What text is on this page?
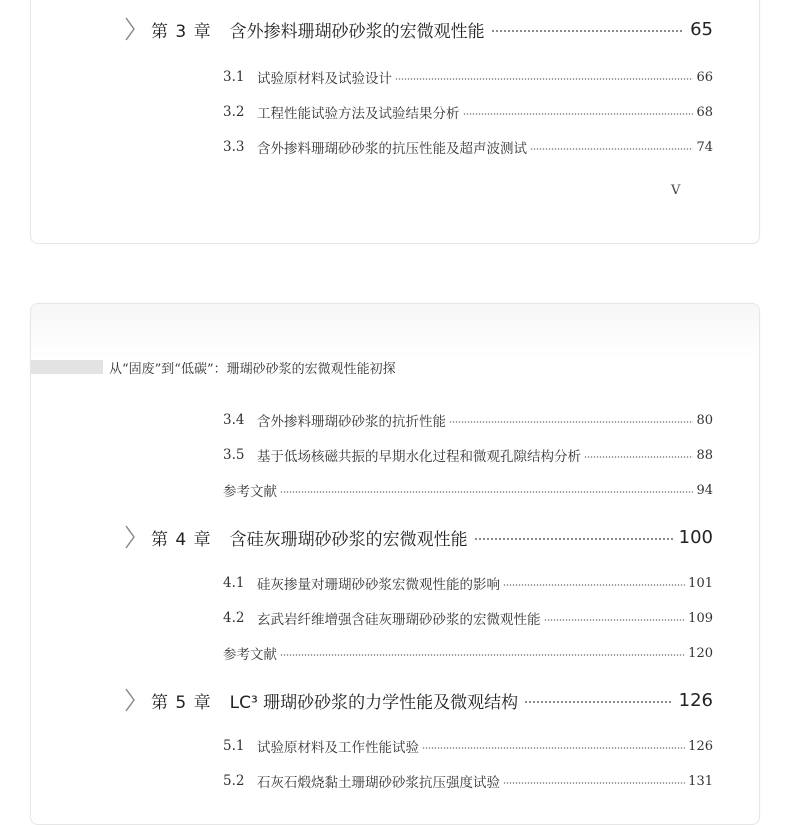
第 3 章 含外掺料珊瑚砂砂浆的宏微观性能	65
3.1 试验原材料及试验设计	66
3.2 工程性能试验方法及试验结果分析	68
3.3 含外掺料珊瑚砂砂浆的抗压性能及超声波测试	74
V
从“固废”到“低碳”：珊瑚砂砂浆的宏微观性能初探
3.4 含外掺料珊瑚砂砂浆的抗折性能	80
3.5 基于低场核磁共振的早期水化过程和微观孔隙结构分析	88
参考文献	94
第 4 章 含硅灰珊瑚砂砂浆的宏微观性能	100
4.1 硅灰掺量对珊瑚砂砂浆宏微观性能的影响	101
4.2 玄武岩纤维增强含硅灰珊瑚砂砂浆的宏微观性能	109
参考文献	120
第 5 章 LC³ 珊瑚砂砂浆的力学性能及微观结构	126
5.1 试验原材料及工作性能试验	126
5.2 石灰石煅烧黏土珊瑚砂砂浆抗压强度试验	131
